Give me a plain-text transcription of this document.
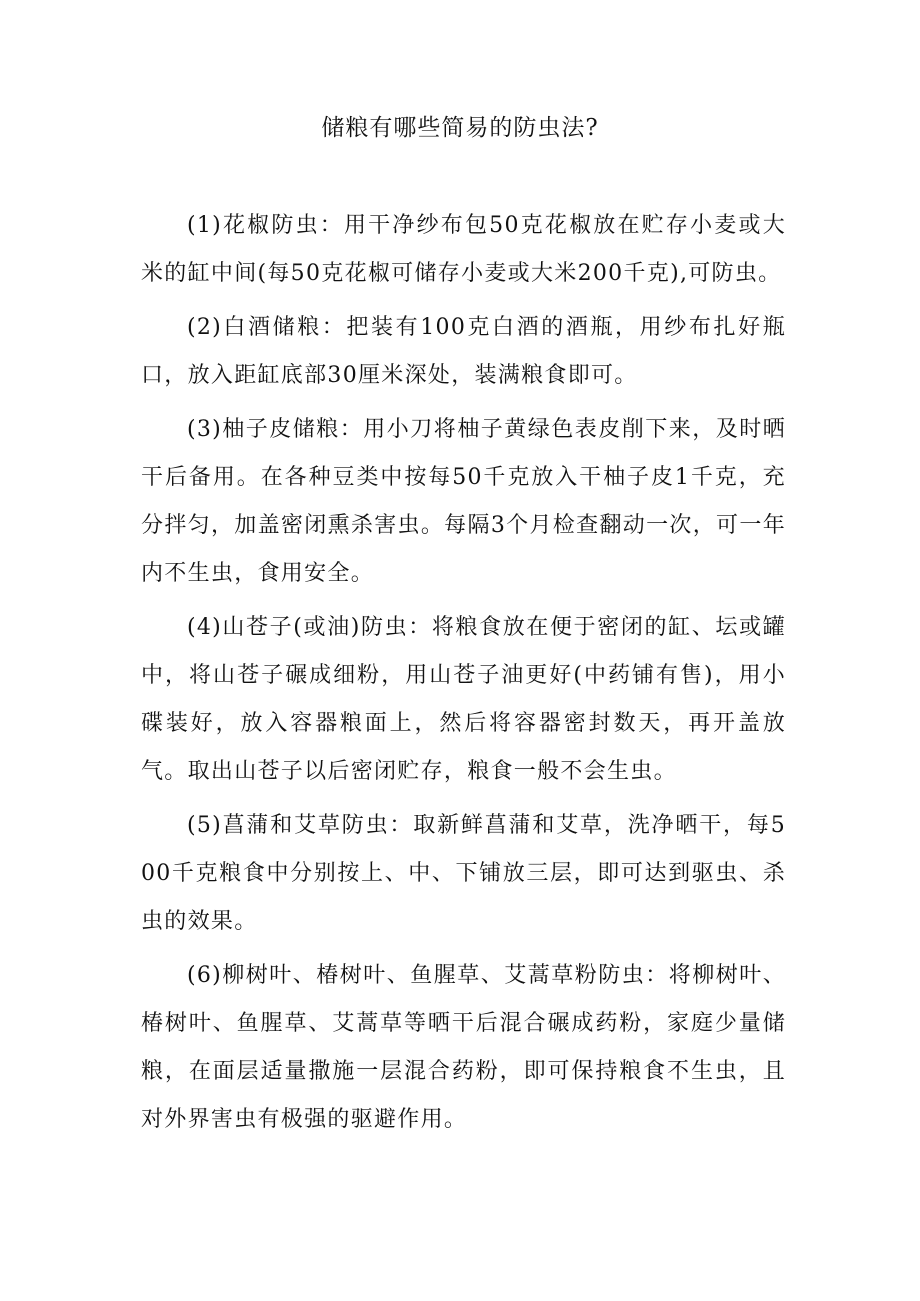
储粮有哪些简易的防虫法?

(1)花椒防虫：用干净纱布包50克花椒放在贮存小麦或大米的缸中间(每50克花椒可储存小麦或大米200千克),可防虫。

(2)白酒储粮：把装有100克白酒的酒瓶，用纱布扎好瓶口，放入距缸底部30厘米深处，装满粮食即可。

(3)柚子皮储粮：用小刀将柚子黄绿色表皮削下来，及时晒干后备用。在各种豆类中按每50千克放入干柚子皮1千克，充分拌匀，加盖密闭熏杀害虫。每隔3个月检查翻动一次，可一年内不生虫，食用安全。

(4)山苍子(或油)防虫：将粮食放在便于密闭的缸、坛或罐中，将山苍子碾成细粉，用山苍子油更好(中药铺有售)，用小碟装好，放入容器粮面上，然后将容器密封数天，再开盖放气。取出山苍子以后密闭贮存，粮食一般不会生虫。

(5)菖蒲和艾草防虫：取新鲜菖蒲和艾草，洗净晒干，每500千克粮食中分别按上、中、下铺放三层，即可达到驱虫、杀虫的效果。

(6)柳树叶、椿树叶、鱼腥草、艾蒿草粉防虫：将柳树叶、椿树叶、鱼腥草、艾蒿草等晒干后混合碾成药粉，家庭少量储粮，在面层适量撒施一层混合药粉，即可保持粮食不生虫，且对外界害虫有极强的驱避作用。
